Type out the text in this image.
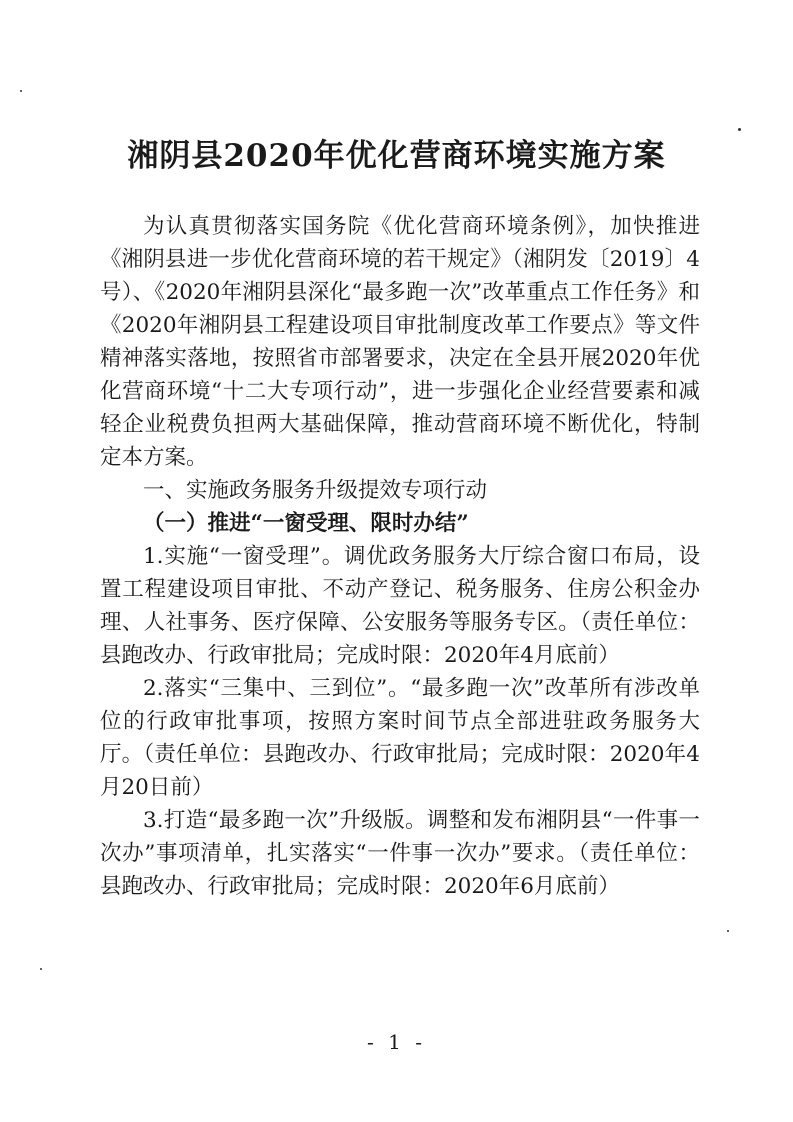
湘阴县2020年优化营商环境实施方案

为认真贯彻落实国务院《优化营商环境条例》，加快推进《湘阴县进一步优化营商环境的若干规定》（湘阴发〔2019〕4号）、《2020年湘阴县深化“最多跑一次”改革重点工作任务》和《2020年湘阴县工程建设项目审批制度改革工作要点》等文件精神落实落地，按照省市部署要求，决定在全县开展2020年优化营商环境“十二大专项行动”，进一步强化企业经营要素和减轻企业税费负担两大基础保障，推动营商环境不断优化，特制定本方案。

一、实施政务服务升级提效专项行动

（一）推进“一窗受理、限时办结”

1.实施“一窗受理”。调优政务服务大厅综合窗口布局，设置工程建设项目审批、不动产登记、税务服务、住房公积金办理、人社事务、医疗保障、公安服务等服务专区。（责任单位：县跑改办、行政审批局；完成时限：2020年4月底前）

2.落实“三集中、三到位”。“最多跑一次”改革所有涉改单位的行政审批事项，按照方案时间节点全部进驻政务服务大厅。（责任单位：县跑改办、行政审批局；完成时限：2020年4月20日前）

3.打造“最多跑一次”升级版。调整和发布湘阴县“一件事一次办”事项清单，扎实落实“一件事一次办”要求。（责任单位：县跑改办、行政审批局；完成时限：2020年6月底前）

- 1 -
